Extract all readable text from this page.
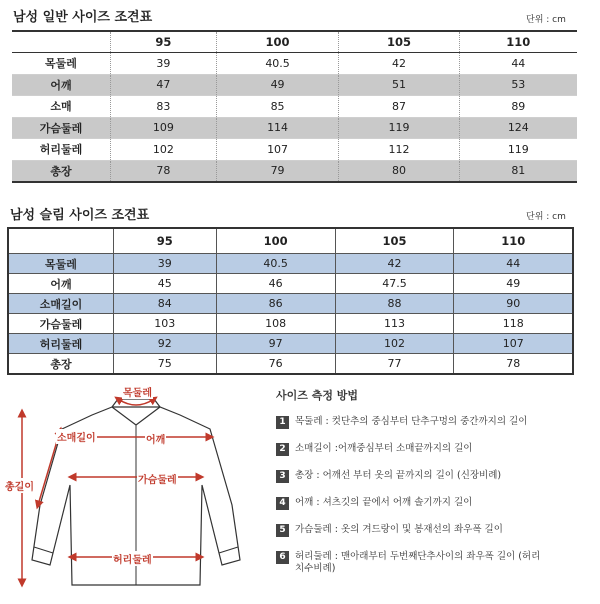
남성 일반 사이즈 조견표	단위 : cm
	95	100	105	110
목둘레	39	40.5	42	44
어깨	47	49	51	53
소매	83	85	87	89
가슴둘레	109	114	119	124
허리둘레	102	107	112	119
총장	78	79	80	81
남성 슬림 사이즈 조견표	단위 : cm
	95	100	105	110
목둘레	39	40.5	42	44
어깨	45	46	47.5	49
소매길이	84	86	88	90
가슴둘레	103	108	113	118
허리둘레	92	97	102	107
총장	75	76	77	78
목둘레
소매길이	어깨
가슴둘레
허리둘레
총길이
사이즈 측정 방법
1 목둘레 : 컷단추의 중심부터 단추구멍의 중간까지의 길이
2 소매길이 :어깨중심부터 소매끝까지의 길이
3 총장 : 어깨선 부터 옷의 끝까지의 길이 (신장비례)
4 어깨 : 셔츠깃의 끝에서 어깨 솔기까지 길이
5 가슴둘레 : 옷의 겨드랑이 및 봉재선의 좌우폭 길이
6 허리둘레 : 맨아래부터 두번째단추사이의 좌우폭 길이 (허리
치수비례)
